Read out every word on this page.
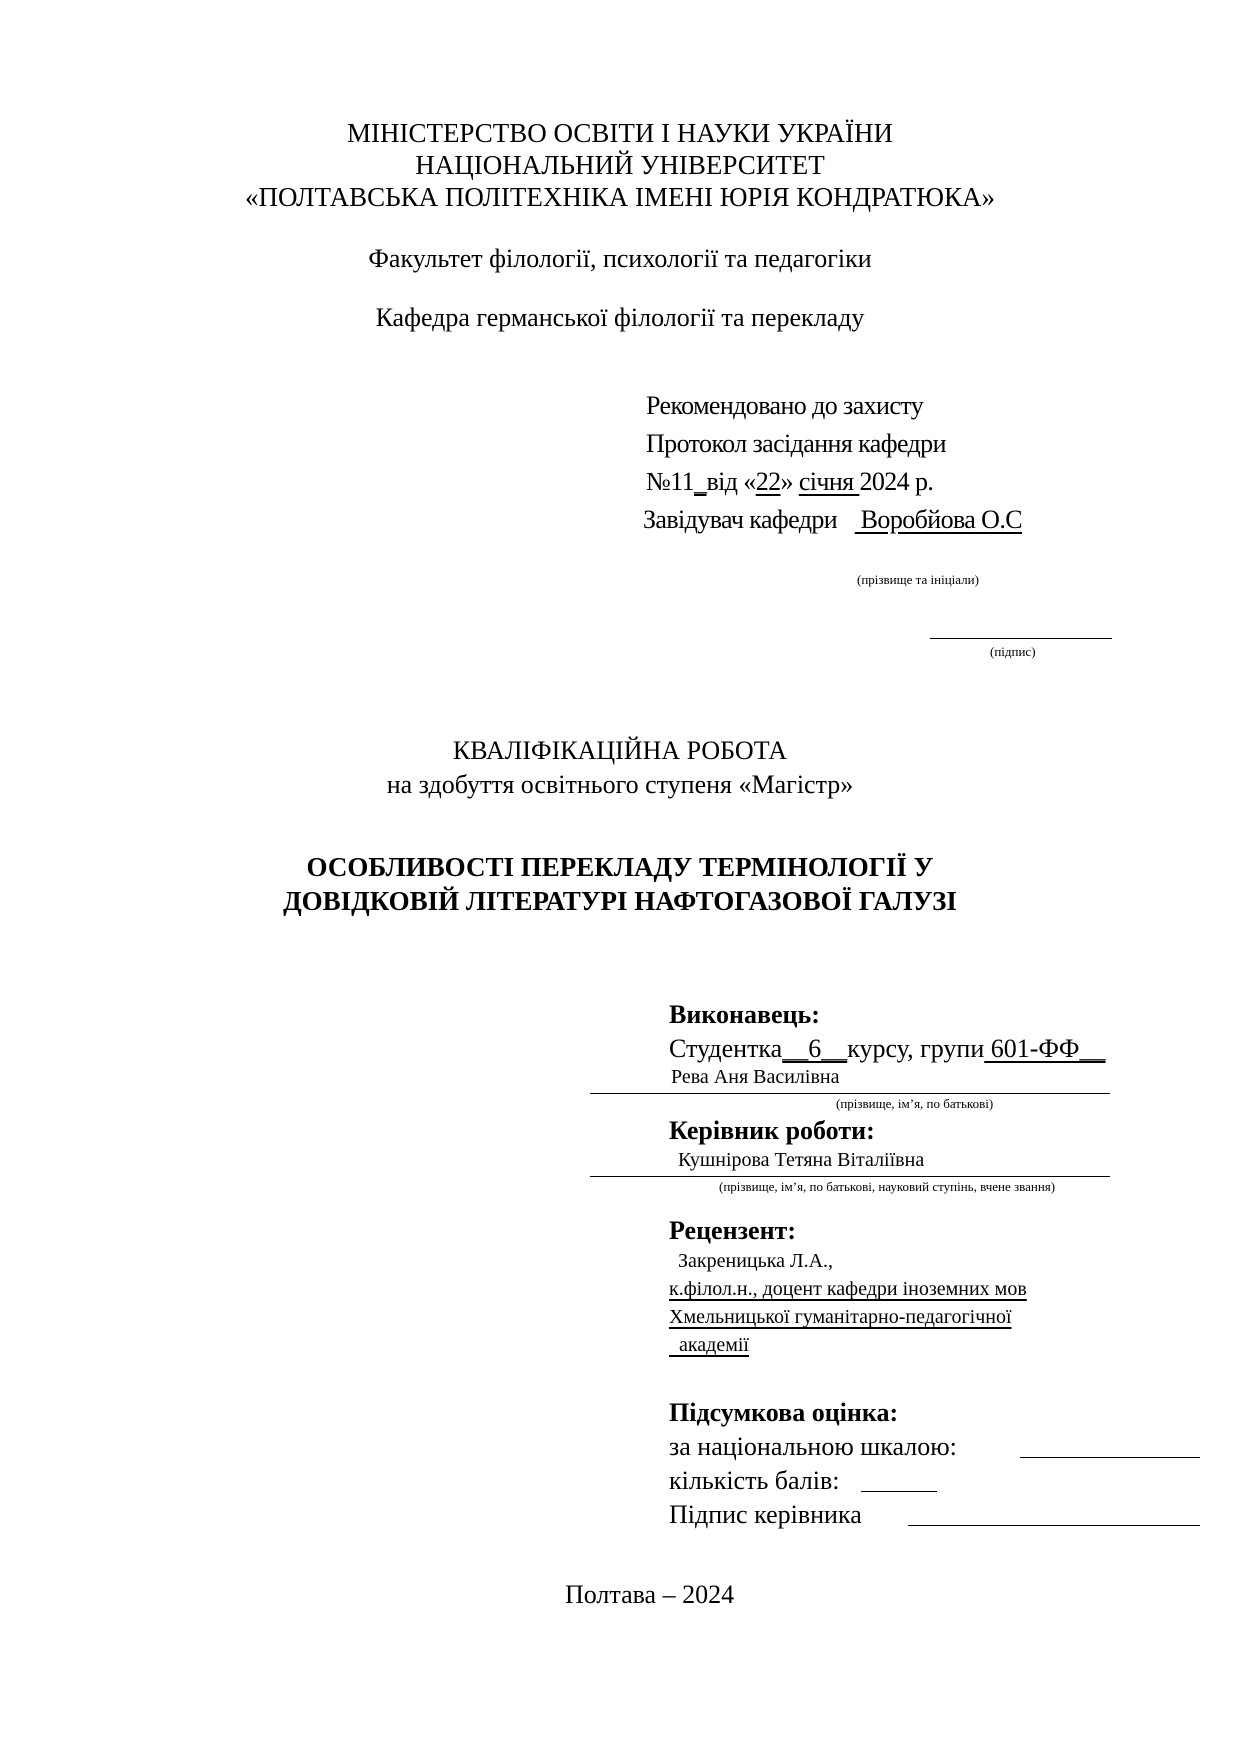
МІНІСТЕРСТВО ОСВІТИ І НАУКИ УКРАЇНИ
НАЦІОНАЛЬНИЙ УНІВЕРСИТЕТ
«ПОЛТАВСЬКА ПОЛІТЕХНІКА ІМЕНІ ЮРІЯ КОНДРАТЮКА»
Факультет філології, психології та педагогіки
Кафедра германської філології та перекладу
Рекомендовано до захисту
Протокол засідання кафедри
№11_від «22» січня 2024 р.
Завідувач кафедри    Воробйова О.С
(прізвище та ініціали)
(підпис)
КВАЛІФІКАЦІЙНА РОБОТА
на здобуття освітнього ступеня «Магістр»
ОСОБЛИВОСТІ ПЕРЕКЛАДУ ТЕРМІНОЛОГІЇ У
ДОВІДКОВІЙ ЛІТЕРАТУРІ НАФТОГАЗОВОЇ ГАЛУЗІ
Виконавець:
Студентка__6__курсу, групи 601-ФФ__
Рева Аня Василівна
(прізвище, ім’я, по батькові)
Керівник роботи:
Кушнірова Тетяна Віталіївна
(прізвище, ім’я, по батькові, науковий ступінь, вчене звання)
Рецензент:
Закреницька Л.А.,
к.філол.н., доцент кафедри іноземних мов
Хмельницької гуманітарно-педагогічної
академії
Підсумкова оцінка:
за національною шкалою:
кількість балів:
Підпис керівника
Полтава – 2024
